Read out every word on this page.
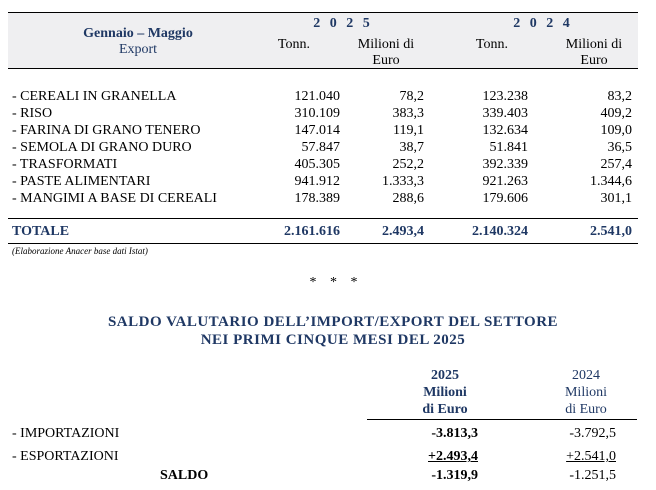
Gennaio – Maggio
Export
2 0 2 5	2 0 2 4
Tonn.	Milioni di
Euro
Tonn.	Milioni di
Euro
- CEREALI IN GRANELLA	121.040	78,2	123.238	83,2
- RISO	310.109	383,3	339.403	409,2
- FARINA DI GRANO TENERO	147.014	119,1	132.634	109,0
- SEMOLA DI GRANO DURO	57.847	38,7	51.841	36,5
- TRASFORMATI	405.305	252,2	392.339	257,4
- PASTE ALIMENTARI	941.912	1.333,3	921.263	1.344,6
- MANGIMI A BASE DI CEREALI	178.389	288,6	179.606	301,1
TOTALE	2.161.616	2.493,4	2.140.324	2.541,0
(Elaborazione Anacer base dati Istat)
* * *
SALDO VALUTARIO DELL’IMPORT/EXPORT DEL SETTORE
NEI PRIMI CINQUE MESI DEL 2025
2025
Milioni
di Euro
2024
Milioni
di Euro
- IMPORTAZIONI	-3.813,3	-3.792,5
- ESPORTAZIONI	+2.493,4	+2.541,0
SALDO	-1.319,9	-1.251,5
